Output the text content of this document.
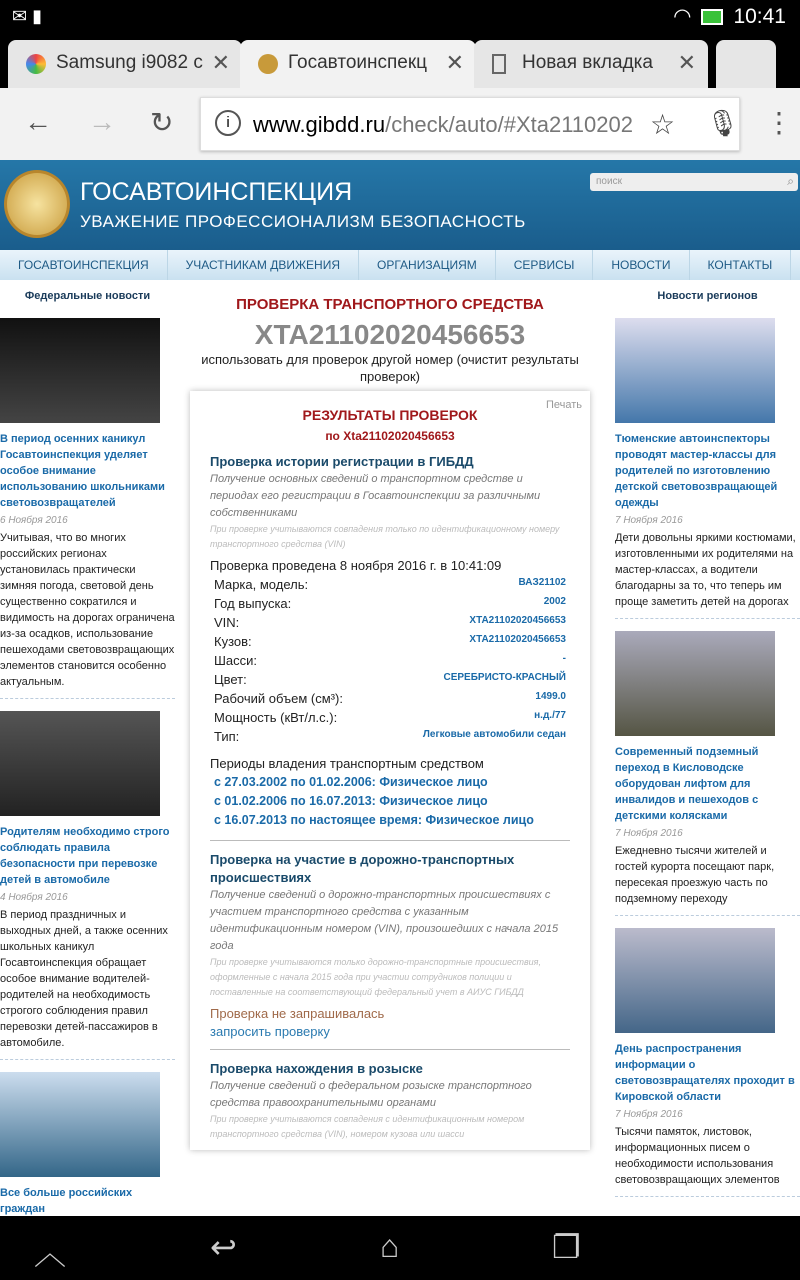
✉ ▮	◠ 10:41
Samsung i9082 с ✕	Госавтоинспекц ✕	Новая вкладка ✕
← → ↻	⋮
i	www.gibdd.ru/check/auto/#Xta2110202 ☆ 🎙
ГОСАВТОИНСПЕКЦИЯ
УВАЖЕНИЕ ПРОФЕССИОНАЛИЗМ БЕЗОПАСНОСТЬ
поиск	⌕
ГОСАВТОИНСПЕКЦИЯ	УЧАСТНИКАМ ДВИЖЕНИЯ	ОРГАНИЗАЦИЯМ	СЕРВИСЫ	НОВОСТИ	КОНТАКТЫ
Федеральные новости
В период осенних каникул Госавтоинспекция уделяет особое внимание использованию школьниками световозвращателей
6 Ноября 2016
Учитывая, что во многих российских регионах установилась практически зимняя погода, световой день существенно сократился и видимость на дорогах ограничена из-за осадков, использование пешеходами световозвращающих элементов становится особенно актуальным.
Родителям необходимо строго соблюдать правила безопасности при перевозке детей в автомобиле
4 Ноября 2016
В период праздничных и выходных дней, а также осенних школьных каникул Госавтоинспекция обращает особое внимание водителей-родителей на необходимость строгого соблюдения правил перевозки детей-пассажиров в автомобиле.
Все больше российских граждан
ПРОВЕРКА ТРАНСПОРТНОГО СРЕДСТВА
XTA21102020456653
использовать для проверок другой номер (очистит результаты проверок)
Печать
РЕЗУЛЬТАТЫ ПРОВЕРОК
по Xta21102020456653
Проверка истории регистрации в ГИБДД
Получение основных сведений о транспортном средстве и периодах его регистрации в Госавтоинспекции за различными собственниками
При проверке учитываются совпадения только по идентификационному номеру транспортного средства (VIN)
Проверка проведена 8 ноября 2016 г. в 10:41:09
Марка, модель:	ВАЗ21102
Год выпуска:	2002
VIN:	XTA21102020456653
Кузов:	XTA21102020456653
Шасси:	-
Цвет:	СЕРЕБРИСТО-КРАСНЫЙ
Рабочий объем (см³):	1499.0
Мощность (кВт/л.с.):	н.д./77
Тип:	Легковые автомобили седан
Периоды владения транспортным средством
с 27.03.2002 по 01.02.2006: Физическое лицо
с 01.02.2006 по 16.07.2013: Физическое лицо
с 16.07.2013 по настоящее время: Физическое лицо
Проверка на участие в дорожно-транспортных происшествиях
Получение сведений о дорожно-транспортных происшествиях с участием транспортного средства с указанным идентификационным номером (VIN), произошедших с начала 2015 года
При проверке учитываются только дорожно-транспортные происшествия, оформленные с начала 2015 года при участии сотрудников полиции и поставленные на соответствующий федеральный учет в АИУС ГИБДД
Проверка не запрашивалась
запросить проверку
Проверка нахождения в розыске
Получение сведений о федеральном розыске транспортного средства правоохранительными органами
При проверке учитываются совпадения с идентификационным номером транспортного средства (VIN), номером кузова или шасси
Новости регионов
Тюменские автоинспекторы проводят мастер-классы для родителей по изготовлению детской световозвращающей одежды
7 Ноября 2016
Дети довольны яркими костюмами, изготовленными их родителями на мастер-классах, а водители благодарны за то, что теперь им проще заметить детей на дорогах
Современный подземный переход в Кисловодске оборудован лифтом для инвалидов и пешеходов с детскими колясками
7 Ноября 2016
Ежедневно тысячи жителей и гостей курорта посещают парк, пересекая проезжую часть по подземному переходу
День распространения информации о световозвращателях проходит в Кировской области
7 Ноября 2016
Тысячи памяток, листовок, информационных писем о необходимости использования световозвращающих элементов
︿	↩	⌂	❐
